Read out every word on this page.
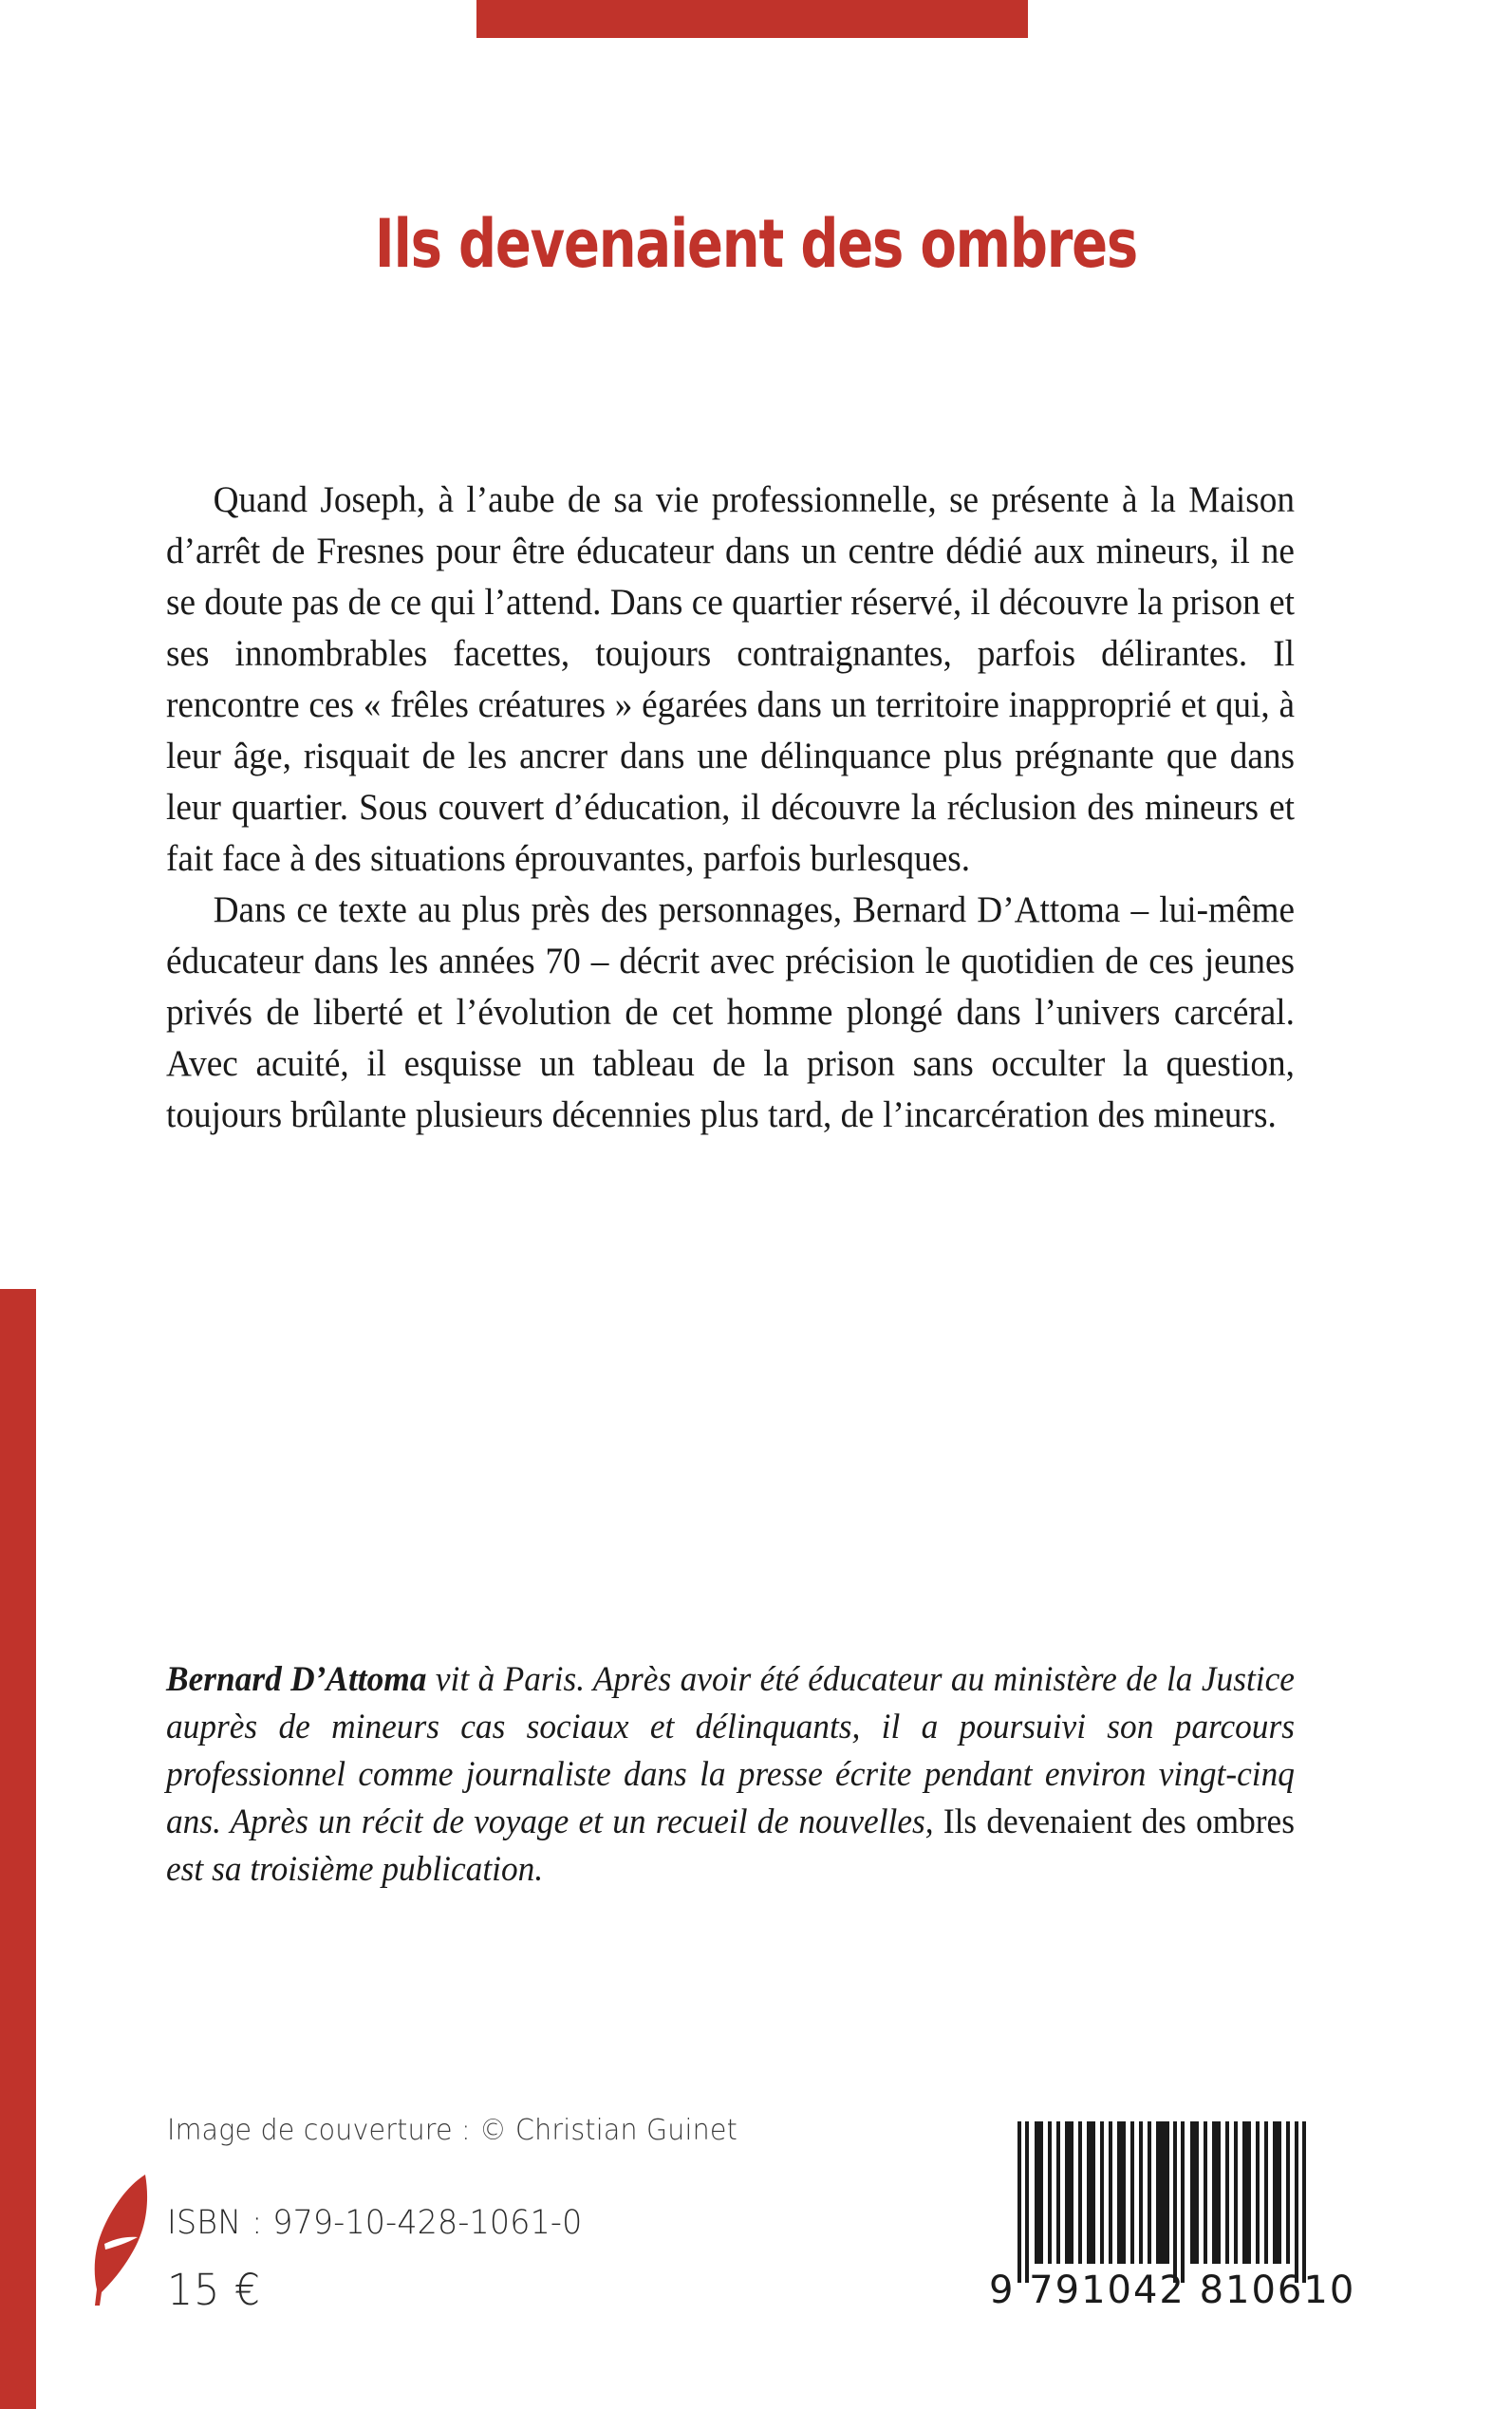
Ils devenaient des ombres

Quand Joseph, à l’aube de sa vie professionnelle, se présente à la Maison d’arrêt de Fresnes pour être éducateur dans un centre dédié aux mineurs, il ne se doute pas de ce qui l’attend. Dans ce quartier réservé, il découvre la prison et ses innombrables facettes, toujours contraignantes, parfois délirantes. Il rencontre ces « frêles créatures » égarées dans un territoire inapproprié et qui, à leur âge, risquait de les ancrer dans une délinquance plus prégnante que dans leur quartier. Sous couvert d’éducation, il découvre la réclusion des mineurs et fait face à des situations éprouvantes, parfois burlesques.

Dans ce texte au plus près des personnages, Bernard D’Attoma – lui-même éducateur dans les années 70 – décrit avec précision le quotidien de ces jeunes privés de liberté et l’évolution de cet homme plongé dans l’univers carcéral. Avec acuité, il esquisse un tableau de la prison sans occulter la question, toujours brûlante plusieurs décennies plus tard, de l’incarcération des mineurs.

Bernard D’Attoma vit à Paris. Après avoir été éducateur au ministère de la Justice auprès de mineurs cas sociaux et délinquants, il a poursuivi son parcours professionnel comme journaliste dans la presse écrite pendant environ vingt-cinq ans. Après un récit de voyage et un recueil de nouvelles, Ils devenaient des ombres est sa troisième publication.

Image de couverture : © Christian Guinet
ISBN : 979-10-428-1061-0
15 €	9 791042 810610
